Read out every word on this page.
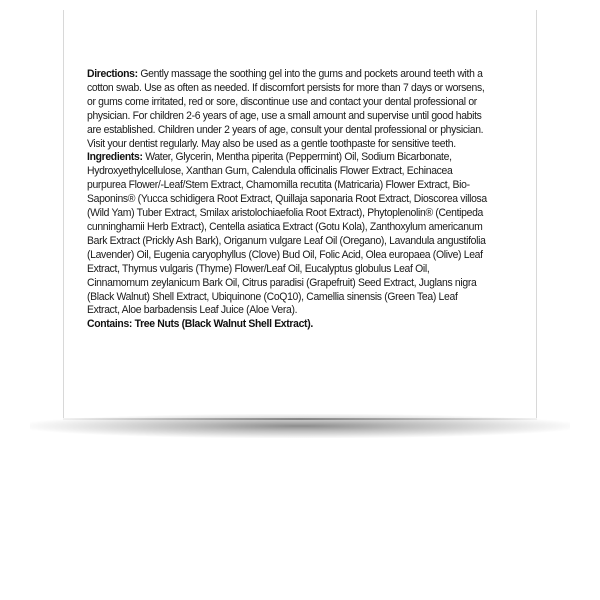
Directions: Gently massage the soothing gel into the gums and pockets around teeth with a cotton swab. Use as often as needed. If discomfort persists for more than 7 days or worsens, or gums come irritated, red or sore, discontinue use and contact your dental professional or physician. For children 2-6 years of age, use a small amount and supervise until good habits are established. Children under 2 years of age, consult your dental professional or physician. Visit your dentist regularly. May also be used as a gentle toothpaste for sensitive teeth.

Ingredients: Water, Glycerin, Mentha piperita (Peppermint) Oil, Sodium Bicarbonate, Hydroxyethylcellulose, Xanthan Gum, Calendula officinalis Flower Extract, Echinacea purpurea Flower/-Leaf/Stem Extract, Chamomilla recutita (Matricaria) Flower Extract, Bio-Saponins® (Yucca schidigera Root Extract, Quillaja saponaria Root Extract, Dioscorea villosa (Wild Yam) Tuber Extract, Smilax aristolochiaefolia Root Extract), Phytoplenolin® (Centipeda cunninghamii Herb Extract), Centella asiatica Extract (Gotu Kola), Zanthoxylum americanum Bark Extract (Prickly Ash Bark), Origanum vulgare Leaf Oil (Oregano), Lavandula angustifolia (Lavender) Oil, Eugenia caryophyllus (Clove) Bud Oil, Folic Acid, Olea europaea (Olive) Leaf Extract, Thymus vulgaris (Thyme) Flower/Leaf Oil, Eucalyptus globulus Leaf Oil, Cinnamomum zeylanicum Bark Oil, Citrus paradisi (Grapefruit) Seed Extract, Juglans nigra (Black Walnut) Shell Extract, Ubiquinone (CoQ10), Camellia sinensis (Green Tea) Leaf Extract, Aloe barbadensis Leaf Juice (Aloe Vera).

Contains: Tree Nuts (Black Walnut Shell Extract).
